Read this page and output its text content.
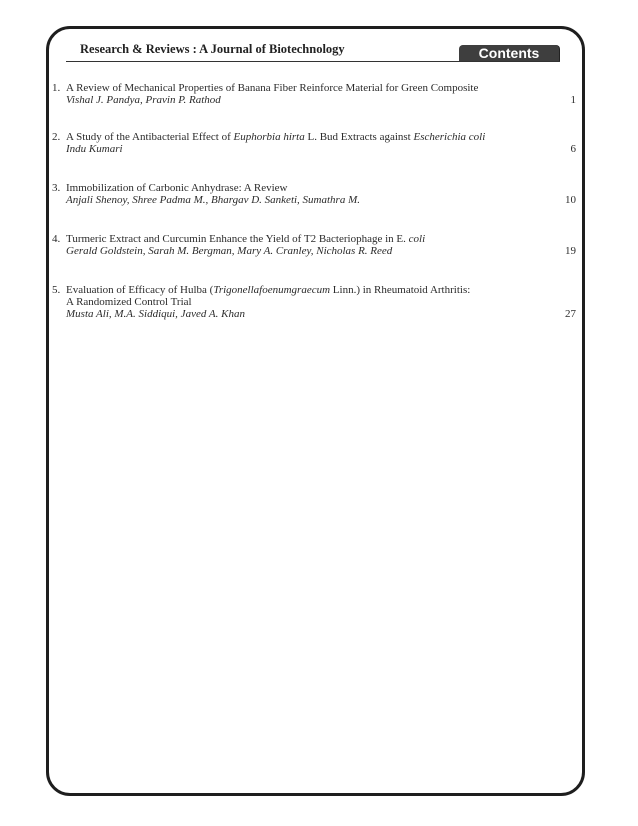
Research & Reviews : A Journal of Biotechnology	Contents
1. A Review of Mechanical Properties of Banana Fiber Reinforce Material for Green Composite
Vishal J. Pandya, Pravin P. Rathod	1
2. A Study of the Antibacterial Effect of Euphorbia hirta L. Bud Extracts against Escherichia coli
Indu Kumari	6
3. Immobilization of Carbonic Anhydrase: A Review
Anjali Shenoy, Shree Padma M., Bhargav D. Sanketi, Sumathra M.	10
4. Turmeric Extract and Curcumin Enhance the Yield of T2 Bacteriophage in E. coli
Gerald Goldstein, Sarah M. Bergman, Mary A. Cranley, Nicholas R. Reed	19
5. Evaluation of Efficacy of Hulba (Trigonellafoenumgraecum Linn.) in Rheumatoid Arthritis:
A Randomized Control Trial
Musta Ali, M.A. Siddiqui, Javed A. Khan	27
